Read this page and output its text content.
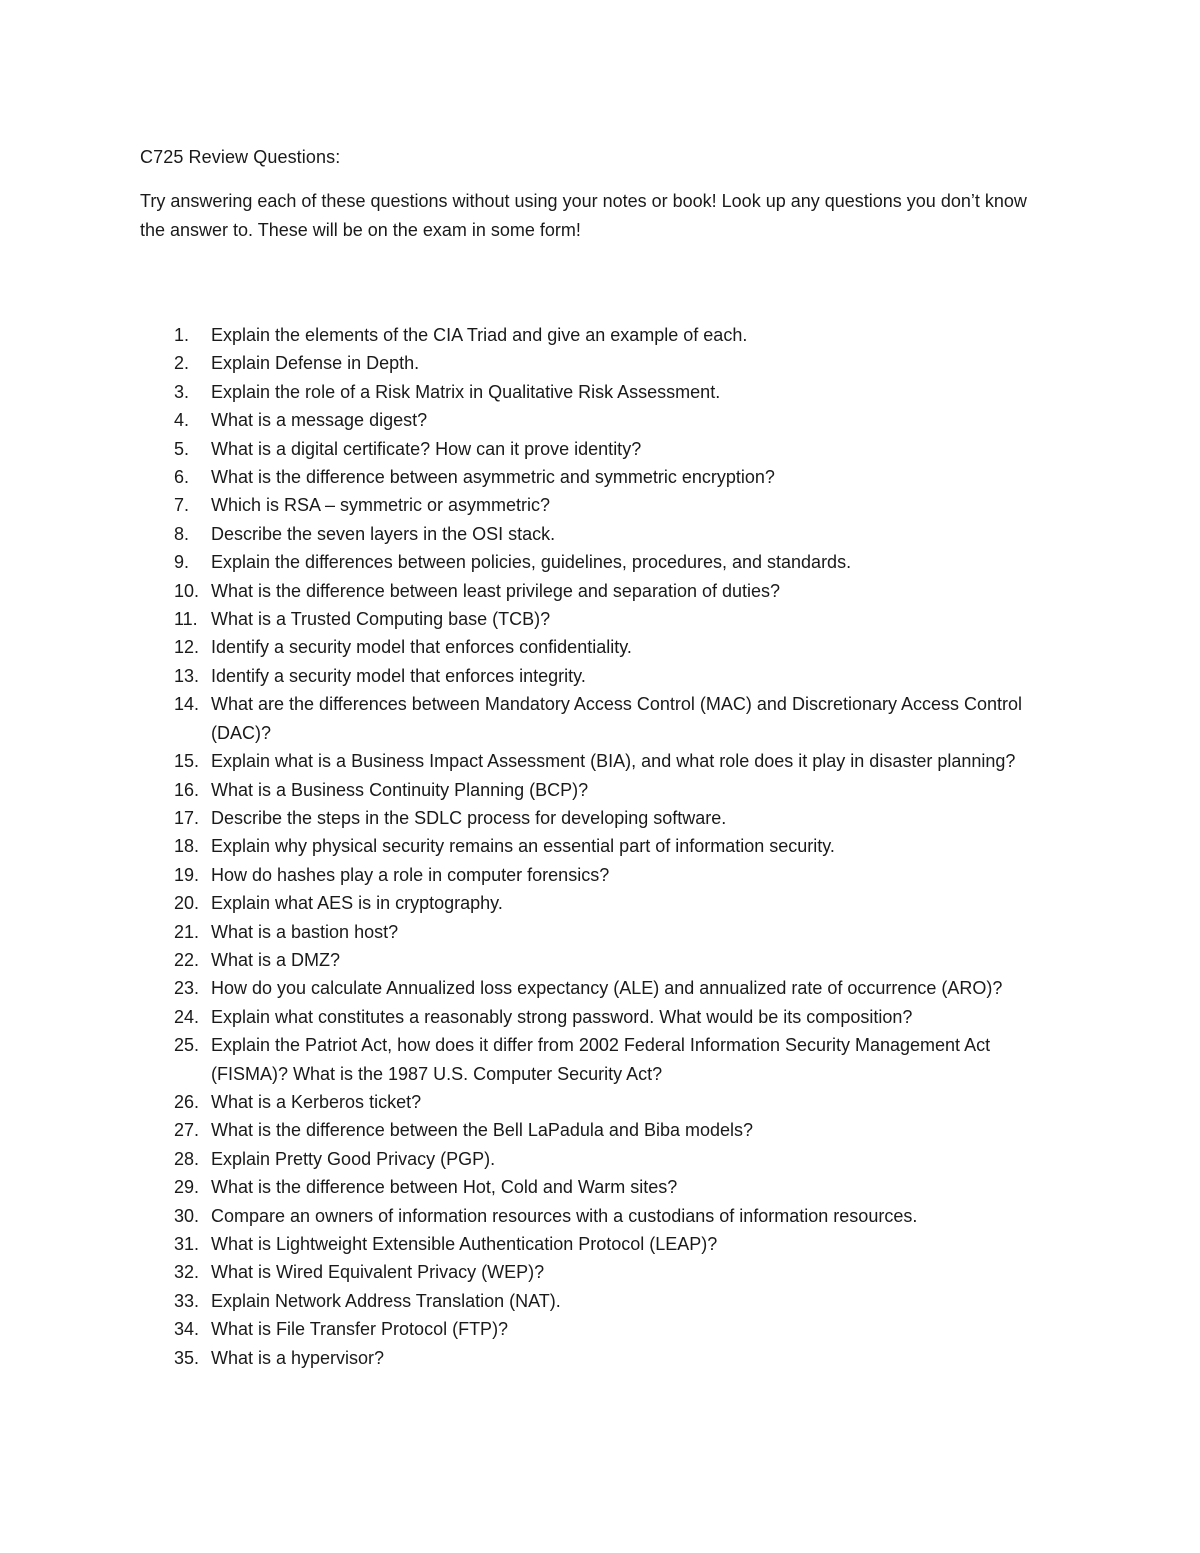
C725 Review Questions:
Try answering each of these questions without using your notes or book! Look up any questions you don’t know the answer to. These will be on the exam in some form!
1.	Explain the elements of the CIA Triad and give an example of each.
2.	Explain Defense in Depth.
3.	Explain the role of a Risk Matrix in Qualitative Risk Assessment.
4.	What is a message digest?
5.	What is a digital certificate? How can it prove identity?
6.	What is the difference between asymmetric and symmetric encryption?
7.	Which is RSA – symmetric or asymmetric?
8.	Describe the seven layers in the OSI stack.
9.	Explain the differences between policies, guidelines, procedures, and standards.
10. What is the difference between least privilege and separation of duties?
11. What is a Trusted Computing base (TCB)?
12. Identify a security model that enforces confidentiality.
13. Identify a security model that enforces integrity.
14. What are the differences between Mandatory Access Control (MAC) and Discretionary Access Control (DAC)?
15. Explain what is a Business Impact Assessment (BIA), and what role does it play in disaster planning?
16. What is a Business Continuity Planning (BCP)?
17. Describe the steps in the SDLC process for developing software.
18. Explain why physical security remains an essential part of information security.
19. How do hashes play a role in computer forensics?
20. Explain what AES is in cryptography.
21. What is a bastion host?
22. What is a DMZ?
23. How do you calculate Annualized loss expectancy (ALE) and annualized rate of occurrence (ARO)?
24. Explain what constitutes a reasonably strong password. What would be its composition?
25. Explain the Patriot Act, how does it differ from 2002 Federal Information Security Management Act (FISMA)? What is the 1987 U.S. Computer Security Act?
26. What is a Kerberos ticket?
27. What is the difference between the Bell LaPadula and Biba models?
28. Explain Pretty Good Privacy (PGP).
29. What is the difference between Hot, Cold and Warm sites?
30. Compare an owners of information resources with a custodians of information resources.
31. What is Lightweight Extensible Authentication Protocol (LEAP)?
32. What is Wired Equivalent Privacy (WEP)?
33. Explain Network Address Translation (NAT).
34. What is File Transfer Protocol (FTP)?
35. What is a hypervisor?
